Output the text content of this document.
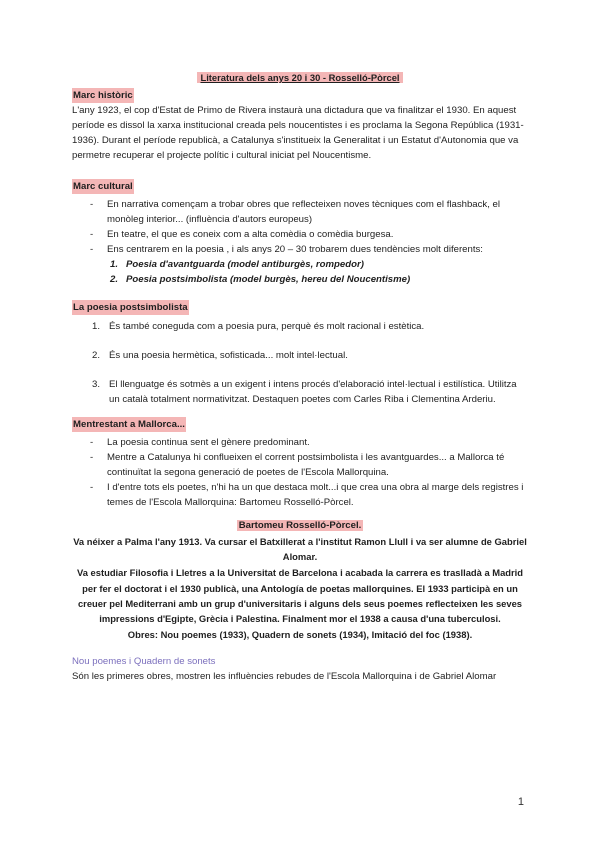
Literatura dels anys 20 i 30 - Rosselló-Pòrcel
Marc històric

L'any 1923, el cop d'Estat de Primo de Rivera instaurà una dictadura que va finalitzar el 1930. En aquest període es dissol la xarxa institucional creada pels noucentistes i es proclama la Segona República (1931-1936). Durant el període republicà, a Catalunya s'institueix la Generalitat i un Estatut d'Autonomia que va permetre recuperar el projecte polític i cultural iniciat pel Noucentisme.

Marc cultural
- En narrativa començam a trobar obres que reflecteixen noves tècniques com el flashback, el monòleg interior... (influència d'autors europeus)
- En teatre, el que es coneix com a alta comèdia o comèdia burgesa.
- Ens centrarem en la poesia , i als anys 20 – 30 trobarem dues tendències molt diferents:
1. Poesia d'avantguarda (model antiburgès, rompedor)
2. Poesia postsimbolista (model burgès, hereu del Noucentisme)
La poesia postsimbolista
1. És també coneguda com a poesia pura, perquè és molt racional i estètica.
2. És una poesia hermètica, sofisticada... molt intel·lectual.
3. El llenguatge és sotmès a un exigent i intens procés d'elaboració intel·lectual i estilística. Utilitza un català totalment normativitzat. Destaquen poetes com Carles Riba i Clementina Arderiu.
Mentrestant a Mallorca...
- La poesia continua sent el gènere predominant.
- Mentre a Catalunya hi conflueixen el corrent postsimbolista i les avantguardes... a Mallorca té continuïtat la segona generació de poetes de l'Escola Mallorquina.
- I d'entre tots els poetes, n'hi ha un que destaca molt...i que crea una obra al marge dels registres i temes de l'Escola Mallorquina: Bartomeu Rosselló-Pòrcel.
Bartomeu Rosselló-Pòrcel.

Va néixer a Palma l'any 1913. Va cursar el Batxillerat a l'institut Ramon Llull i va ser alumne de Gabriel Alomar.

Va estudiar Filosofia i Lletres a la Universitat de Barcelona i acabada la carrera es traslladà a Madrid per fer el doctorat i el 1930 publicà, una Antología de poetas mallorquines. El 1933 participà en un creuer pel Mediterrani amb un grup d'universitaris i alguns dels seus poemes reflecteixen les seves impressions d'Egipte, Grècia i Palestina. Finalment mor el 1938 a causa d'una tuberculosi.

Obres: Nou poemes (1933), Quadern de sonets (1934), Imitació del foc (1938).

Nou poemes i Quadern de sonets

Són les primeres obres, mostren les influències rebudes de l'Escola Mallorquina i de Gabriel Alomar

1
